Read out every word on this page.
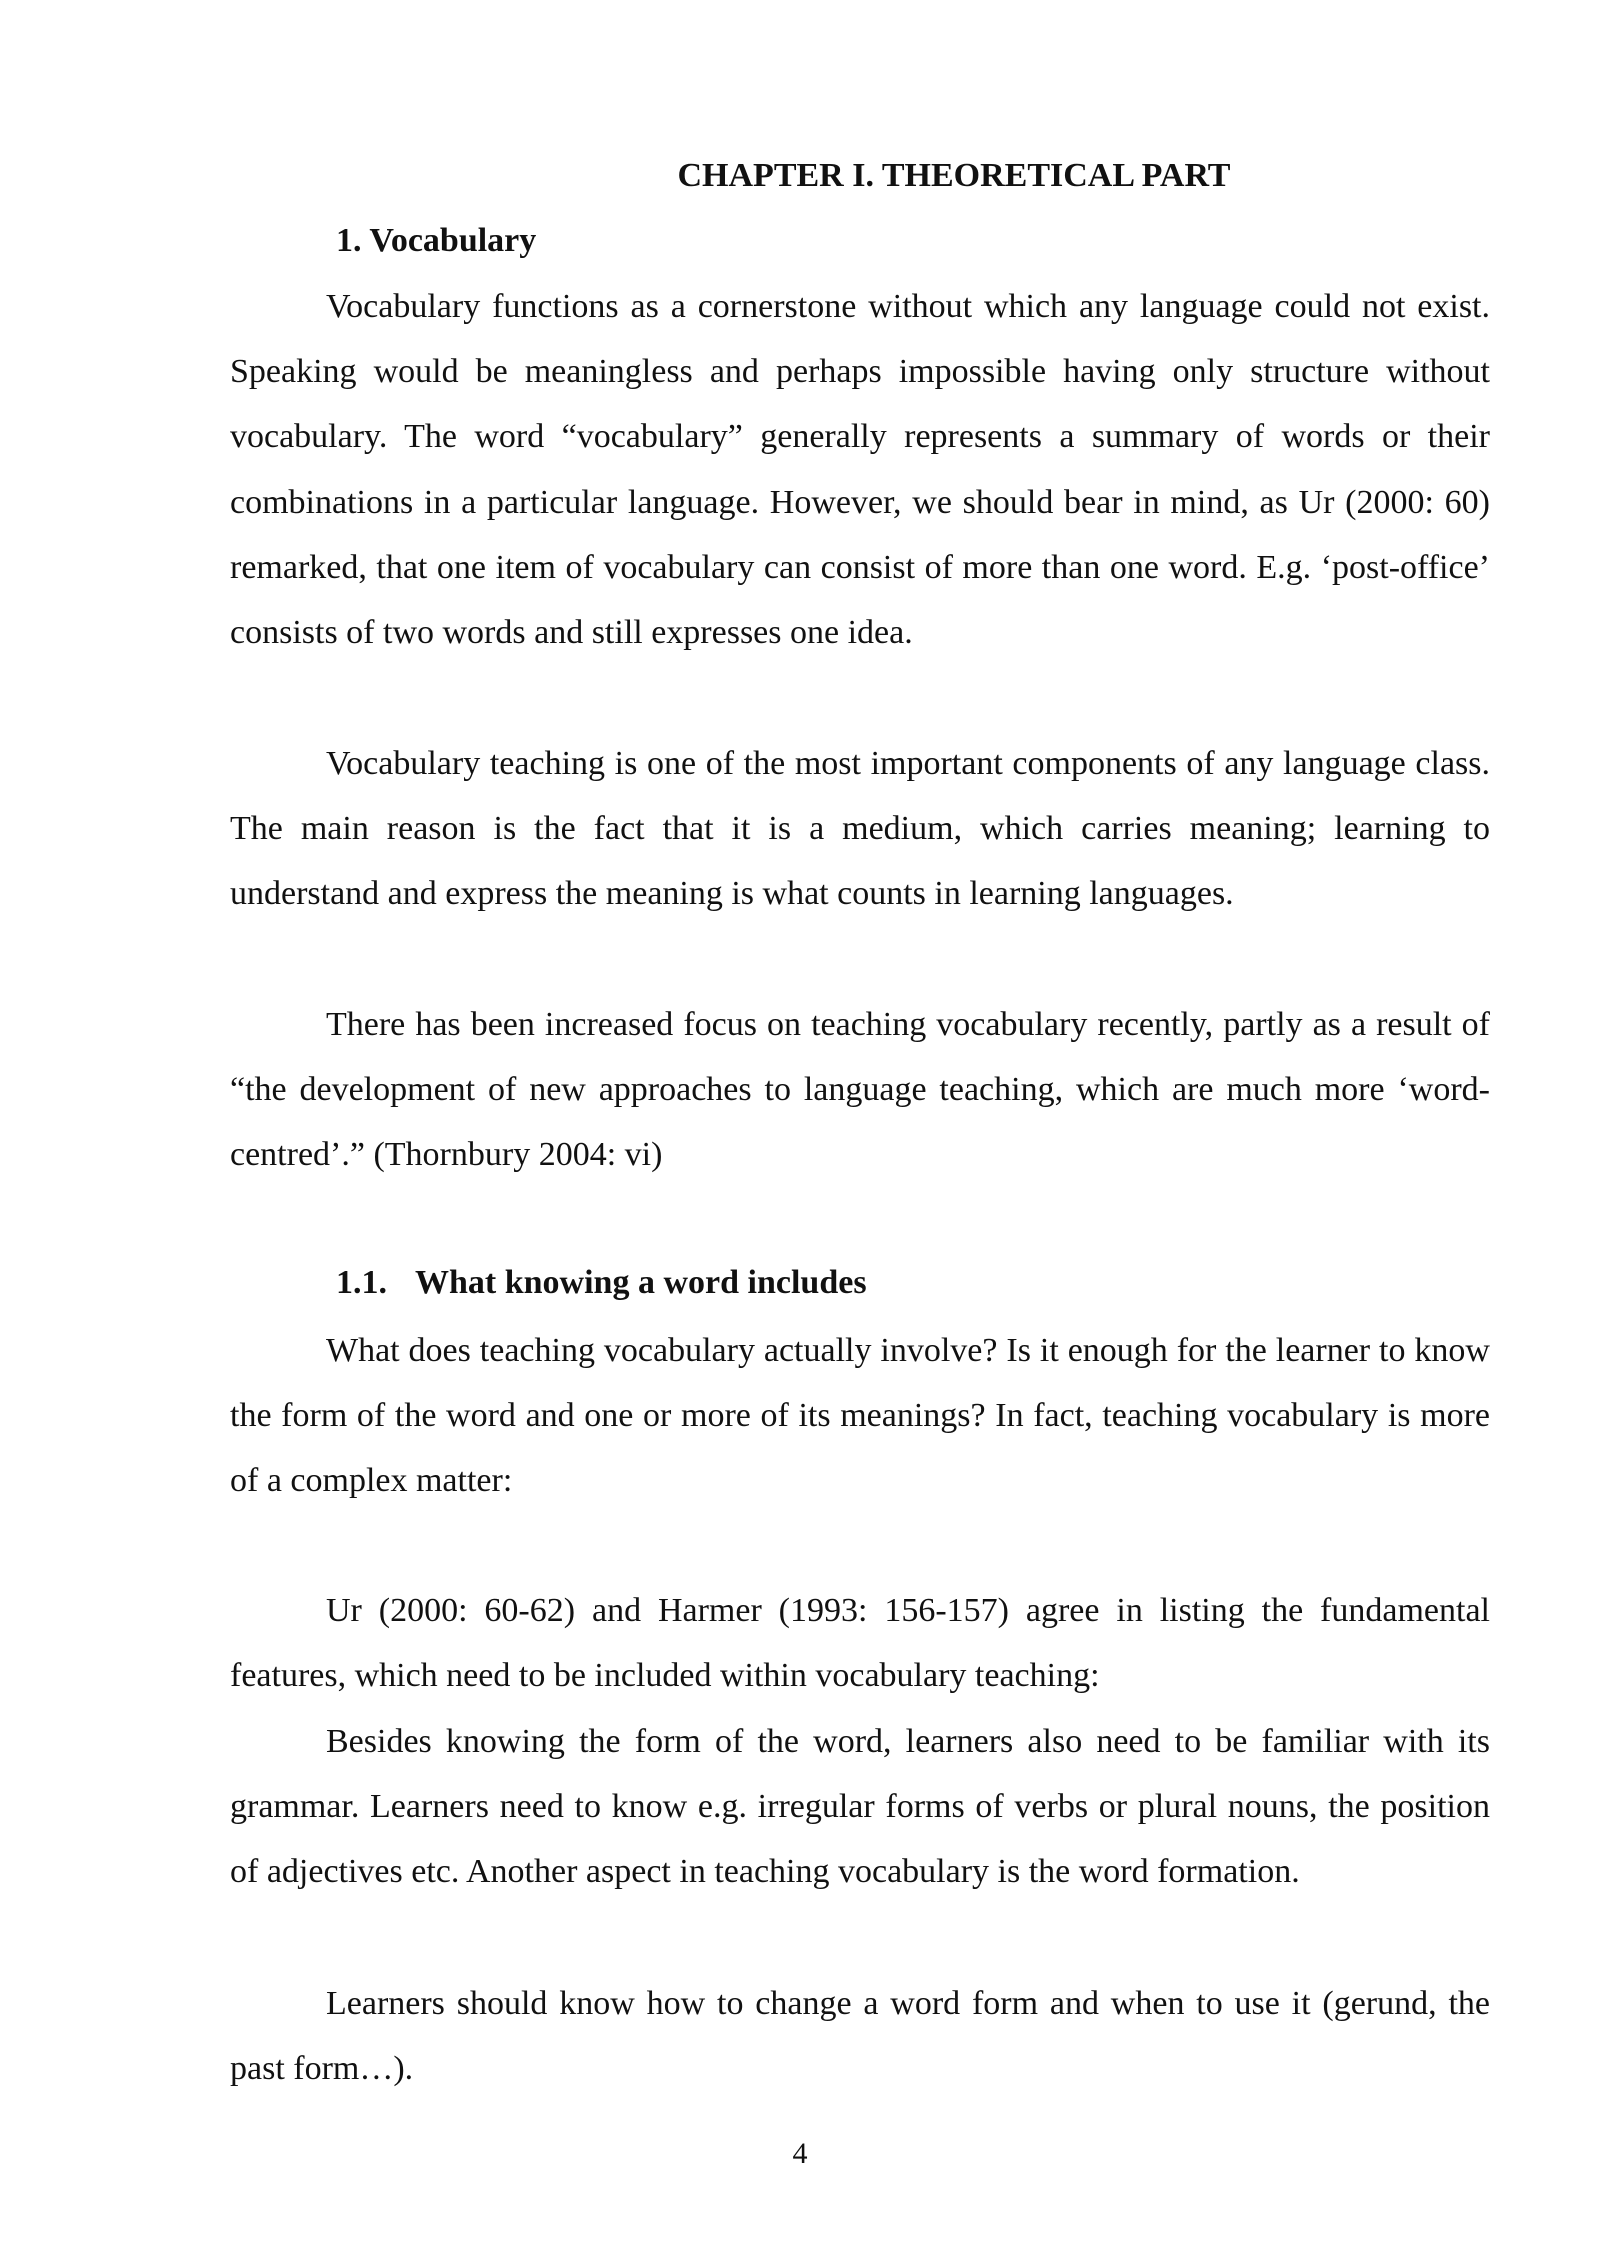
CHAPTER I. THEORETICAL PART
1. Vocabulary

Vocabulary functions as a cornerstone without which any language could not exist. Speaking would be meaningless and perhaps impossible having only structure without vocabulary. The word “vocabulary” generally represents a summary of words or their combinations in a particular language. However, we should bear in mind, as Ur (2000: 60) remarked, that one item of vocabulary can consist of more than one word. E.g. ‘post-office’ consists of two words and still expresses one idea.

Vocabulary teaching is one of the most important components of any language class. The main reason is the fact that it is a medium, which carries meaning; learning to understand and express the meaning is what counts in learning languages.

There has been increased focus on teaching vocabulary recently, partly as a result of “the development of new approaches to language teaching, which are much more ‘word-centred’.” (Thornbury 2004: vi)

1.1. What knowing a word includes

What does teaching vocabulary actually involve? Is it enough for the learner to know the form of the word and one or more of its meanings? In fact, teaching vocabulary is more of a complex matter:

Ur (2000: 60-62) and Harmer (1993: 156-157) agree in listing the fundamental features, which need to be included within vocabulary teaching:

Besides knowing the form of the word, learners also need to be familiar with its grammar. Learners need to know e.g. irregular forms of verbs or plural nouns, the position of adjectives etc. Another aspect in teaching vocabulary is the word formation.

Learners should know how to change a word form and when to use it (gerund, the past form…).

4
